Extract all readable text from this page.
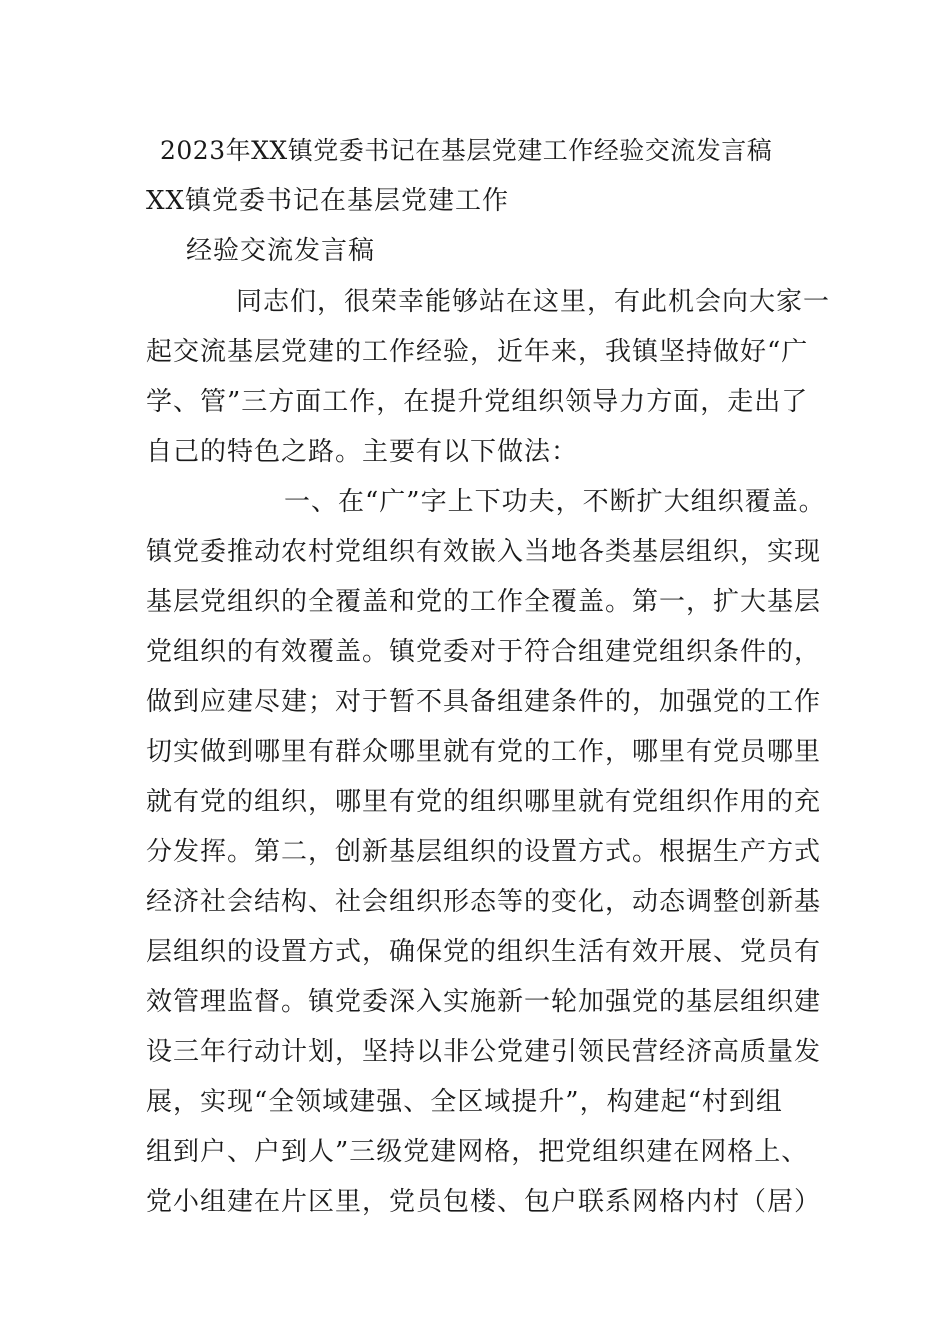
2023年XX镇党委书记在基层党建工作经验交流发言稿
XX镇党委书记在基层党建工作
经验交流发言稿
同志们，很荣幸能够站在这里，有此机会向大家一
起交流基层党建的工作经验，近年来，我镇坚持做好“广
学、管”三方面工作，在提升党组织领导力方面，走出了
自己的特色之路。主要有以下做法：
一、在“广”字上下功夫，不断扩大组织覆盖。
镇党委推动农村党组织有效嵌入当地各类基层组织，实现
基层党组织的全覆盖和党的工作全覆盖。第一，扩大基层
党组织的有效覆盖。镇党委对于符合组建党组织条件的，
做到应建尽建；对于暂不具备组建条件的，加强党的工作
切实做到哪里有群众哪里就有党的工作，哪里有党员哪里
就有党的组织，哪里有党的组织哪里就有党组织作用的充
分发挥。第二，创新基层组织的设置方式。根据生产方式
经济社会结构、社会组织形态等的变化，动态调整创新基
层组织的设置方式，确保党的组织生活有效开展、党员有
效管理监督。镇党委深入实施新一轮加强党的基层组织建
设三年行动计划，坚持以非公党建引领民营经济高质量发
展，实现“全领域建强、全区域提升”，构建起“村到组
组到户、户到人”三级党建网格，把党组织建在网格上、
党小组建在片区里，党员包楼、包户联系网格内村（居）
